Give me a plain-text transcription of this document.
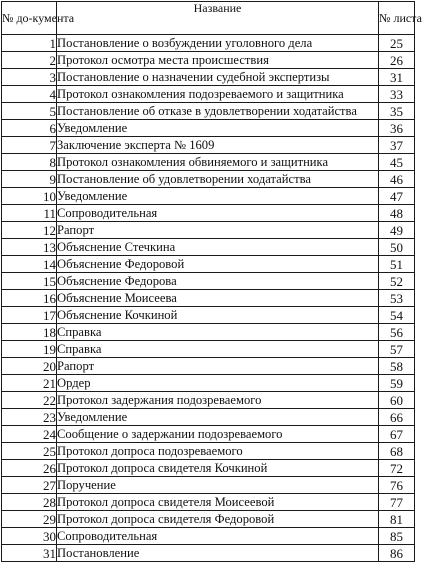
№ до-кумента	Название	№ листа
1	Постановление о возбуждении уголовного дела	25
2	Протокол осмотра места происшествия	26
3	Постановление о назначении судебной экспертизы	31
4	Протокол ознакомления подозреваемого и защитника	33
5	Постановление об отказе в удовлетворении ходатайства	35
6	Уведомление	36
7	Заключение эксперта № 1609	37
8	Протокол ознакомления обвиняемого и защитника	45
9	Постановление об удовлетворении ходатайства	46
10	Уведомление	47
11	Сопроводительная	48
12	Рапорт	49
13	Объяснение Стечкина	50
14	Объяснение Федоровой	51
15	Объяснение Федорова	52
16	Объяснение Моисеева	53
17	Объяснение Кочкиной	54
18	Справка	56
19	Справка	57
20	Рапорт	58
21	Ордер	59
22	Протокол задержания подозреваемого	60
23	Уведомление	66
24	Сообщение о задержании подозреваемого	67
25	Протокол допроса подозреваемого	68
26	Протокол допроса свидетеля Кочкиной	72
27	Поручение	76
28	Протокол допроса свидетеля Моисеевой	77
29	Протокол допроса свидетеля Федоровой	81
30	Сопроводительная	85
31	Постановление	86
